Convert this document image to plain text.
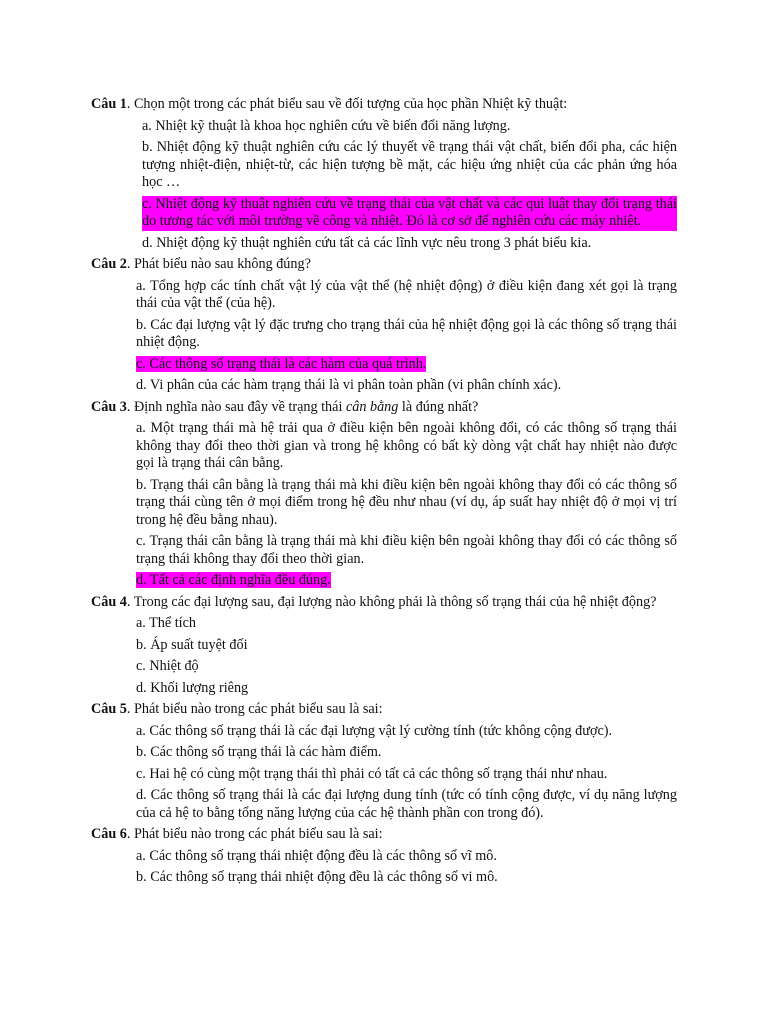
Câu 1. Chọn một trong các phát biểu sau về đối tượng của học phần Nhiệt kỹ thuật:

a. Nhiệt kỹ thuật là khoa học nghiên cứu về biến đổi năng lượng.

b. Nhiệt động kỹ thuật nghiên cứu các lý thuyết về trạng thái vật chất, biến đổi pha, các hiện tượng nhiệt-điện, nhiệt-từ, các hiện tượng bề mặt, các hiệu ứng nhiệt của các phản ứng hóa học …

c. Nhiệt động kỹ thuật nghiên cứu về trạng thái của vật chất và các qui luật thay đổi trạng thái do tương tác với môi trường về công và nhiệt. Đó là cơ sở để nghiên cứu các máy nhiệt.

d. Nhiệt động kỹ thuật nghiên cứu tất cả các lĩnh vực nêu trong 3 phát biểu kia.

Câu 2. Phát biểu nào sau không đúng?

a. Tổng hợp các tính chất vật lý của vật thể (hệ nhiệt động) ở điều kiện đang xét gọi là trạng thái của vật thể (của hệ).

b. Các đại lượng vật lý đặc trưng cho trạng thái của hệ nhiệt động gọi là các thông số trạng thái nhiệt động.

c. Các thông số trạng thái là các hàm của quá trình.

d. Vi phân của các hàm trạng thái là vi phân toàn phần (vi phân chính xác).

Câu 3. Định nghĩa nào sau đây về trạng thái cân bằng là đúng nhất?

a. Một trạng thái mà hệ trải qua ở điều kiện bên ngoài không đổi, có các thông số trạng thái không thay đổi theo thời gian và trong hệ không có bất kỳ dòng vật chất hay nhiệt nào được gọi là trạng thái cân bằng.

b. Trạng thái cân bằng là trạng thái mà khi điều kiện bên ngoài không thay đổi có các thông số trạng thái cùng tên ở mọi điểm trong hệ đều như nhau (ví dụ, áp suất hay nhiệt độ ở mọi vị trí trong hệ đều bằng nhau).

c. Trạng thái cân bằng là trạng thái mà khi điều kiện bên ngoài không thay đổi có các thông số trạng thái không thay đổi theo thời gian.

d. Tất cả các định nghĩa đều đúng.

Câu 4. Trong các đại lượng sau, đại lượng nào không phải là thông số trạng thái của hệ nhiệt động?

a. Thể tích

b. Áp suất tuyệt đối

c. Nhiệt độ

d. Khối lượng riêng

Câu 5. Phát biểu nào trong các phát biểu sau là sai:

a. Các thông số trạng thái là các đại lượng vật lý cường tính (tức không cộng được).

b. Các thông số trạng thái là các hàm điểm.

c. Hai hệ có cùng một trạng thái thì phải có tất cả các thông số trạng thái như nhau.

d. Các thông số trạng thái là các đại lượng dung tính (tức có tính cộng được, ví dụ năng lượng của cả hệ to bằng tổng năng lượng của các hệ thành phần con trong đó).

Câu 6. Phát biểu nào trong các phát biểu sau là sai:

a. Các thông số trạng thái nhiệt động đều là các thông số vĩ mô.

b. Các thông số trạng thái nhiệt động đều là các thông số vi mô.
